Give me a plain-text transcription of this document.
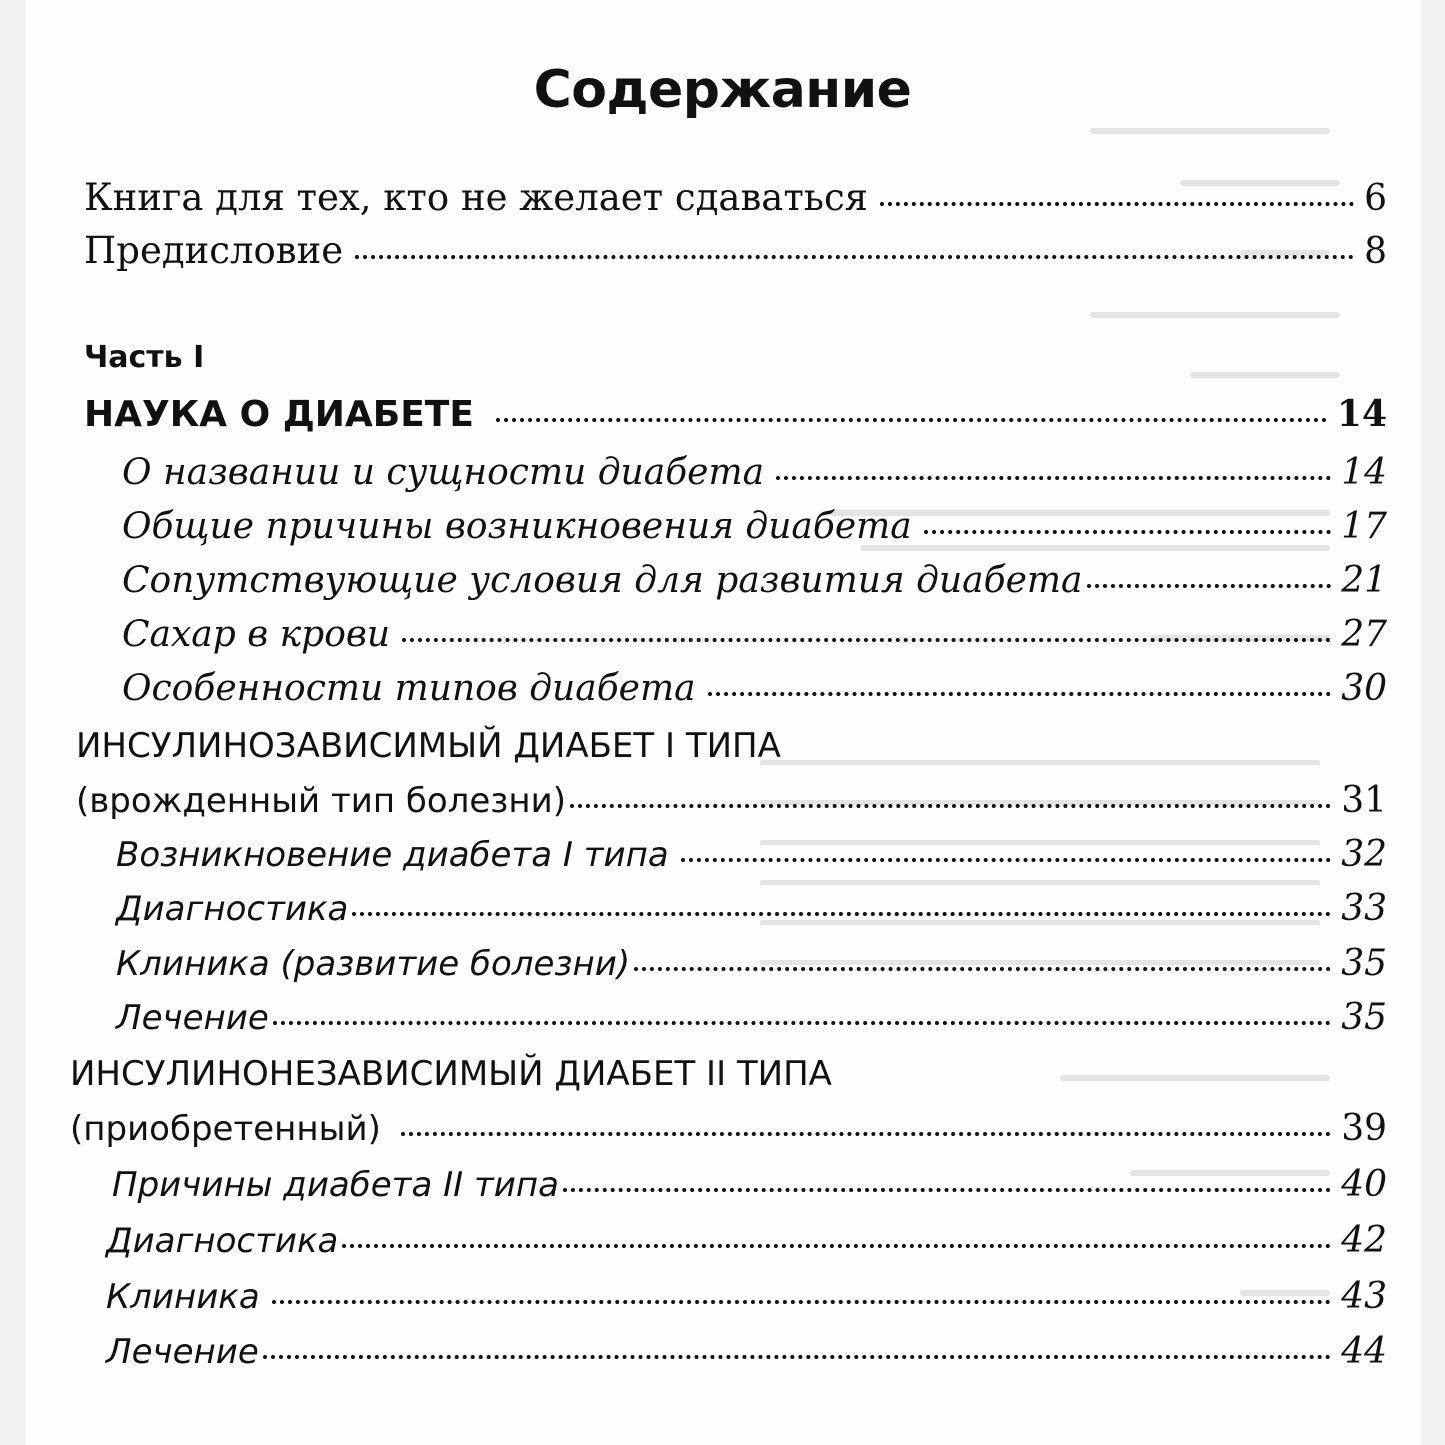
Содержание
Книга для тех, кто не желает сдаваться	6
Предисловие	8
Часть I
НАУКА О ДИАБЕТЕ	14
О названии и сущности диабета	14
Общие причины возникновения диабета	17
Сопутствующие условия для развития диабета	21
Сахар в крови	27
Особенности типов диабета	30
ИНСУЛИНОЗАВИСИМЫЙ ДИАБЕТ I ТИПА
(врожденный тип болезни)	31
Возникновение диабета I типа	32
Диагностика	33
Клиника (развитие болезни)	35
Лечение	35
ИНСУЛИНОНЕЗАВИСИМЫЙ ДИАБЕТ II ТИПА
(приобретенный)	39
Причины диабета II типа	40
Диагностика	42
Клиника	43
Лечение	44
